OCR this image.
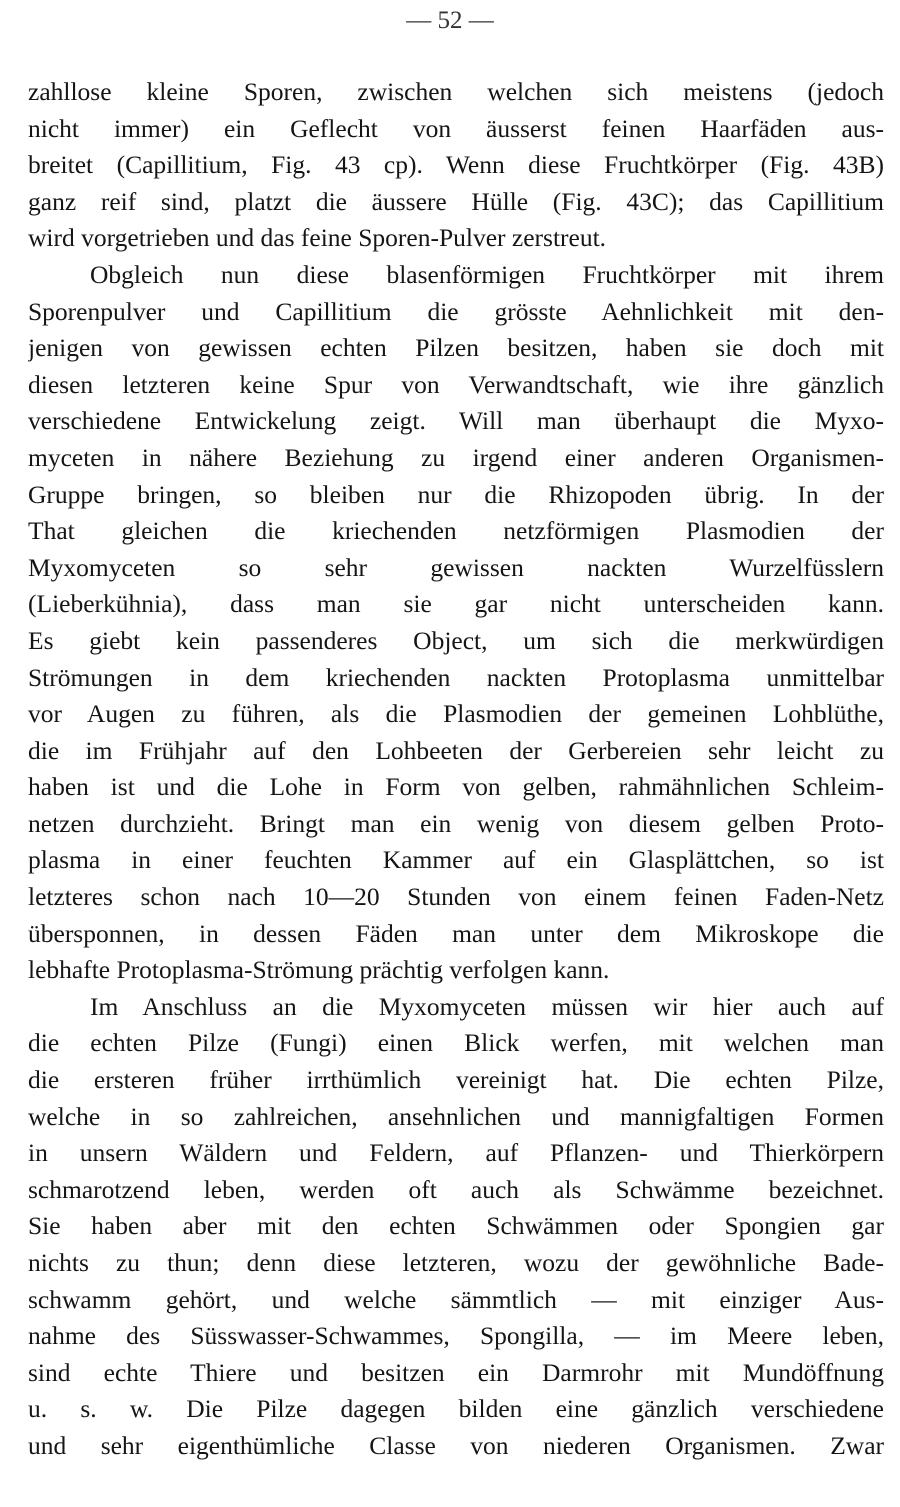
— 52 —
zahllose kleine Sporen, zwischen welchen sich meistens (jedoch
nicht immer) ein Geflecht von äusserst feinen Haarfäden aus-
breitet (Capillitium, Fig. 43 cp). Wenn diese Fruchtkörper (Fig. 43B)
ganz reif sind, platzt die äussere Hülle (Fig. 43C); das Capillitium
wird vorgetrieben und das feine Sporen-Pulver zerstreut.
Obgleich nun diese blasenförmigen Fruchtkörper mit ihrem
Sporenpulver und Capillitium die grösste Aehnlichkeit mit den-
jenigen von gewissen echten Pilzen besitzen, haben sie doch mit
diesen letzteren keine Spur von Verwandtschaft, wie ihre gänzlich
verschiedene Entwickelung zeigt. Will man überhaupt die Myxo-
myceten in nähere Beziehung zu irgend einer anderen Organismen-
Gruppe bringen, so bleiben nur die Rhizopoden übrig. In der
That gleichen die kriechenden netzförmigen Plasmodien der
Myxomyceten so sehr gewissen nackten Wurzelfüsslern
(Lieberkühnia), dass man sie gar nicht unterscheiden kann.
Es giebt kein passenderes Object, um sich die merkwürdigen
Strömungen in dem kriechenden nackten Protoplasma unmittelbar
vor Augen zu führen, als die Plasmodien der gemeinen Lohblüthe,
die im Frühjahr auf den Lohbeeten der Gerbereien sehr leicht zu
haben ist und die Lohe in Form von gelben, rahmähnlichen Schleim-
netzen durchzieht. Bringt man ein wenig von diesem gelben Proto-
plasma in einer feuchten Kammer auf ein Glasplättchen, so ist
letzteres schon nach 10—20 Stunden von einem feinen Faden-Netz
übersponnen, in dessen Fäden man unter dem Mikroskope die
lebhafte Protoplasma-Strömung prächtig verfolgen kann.
Im Anschluss an die Myxomyceten müssen wir hier auch auf
die echten Pilze (Fungi) einen Blick werfen, mit welchen man
die ersteren früher irrthümlich vereinigt hat. Die echten Pilze,
welche in so zahlreichen, ansehnlichen und mannigfaltigen Formen
in unsern Wäldern und Feldern, auf Pflanzen- und Thierkörpern
schmarotzend leben, werden oft auch als Schwämme bezeichnet.
Sie haben aber mit den echten Schwämmen oder Spongien gar
nichts zu thun; denn diese letzteren, wozu der gewöhnliche Bade-
schwamm gehört, und welche sämmtlich — mit einziger Aus-
nahme des Süsswasser-Schwammes, Spongilla, — im Meere leben,
sind echte Thiere und besitzen ein Darmrohr mit Mundöffnung
u. s. w. Die Pilze dagegen bilden eine gänzlich verschiedene
und sehr eigenthümliche Classe von niederen Organismen. Zwar
